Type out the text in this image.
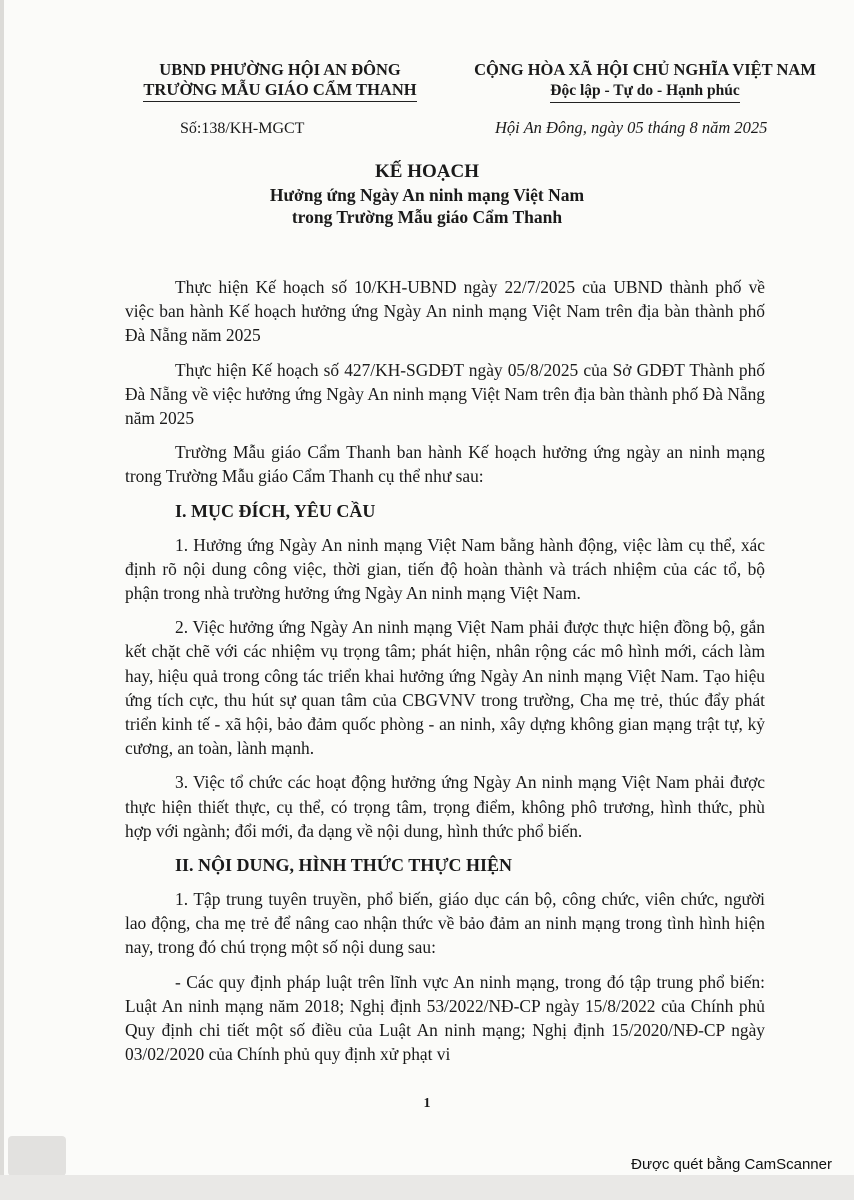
UBND PHƯỜNG HỘI AN ĐÔNG
TRƯỜNG MẪU GIÁO CẨM THANH
CỘNG HÒA XÃ HỘI CHỦ NGHĨA VIỆT NAM
Độc lập - Tự do - Hạnh phúc
Số:138/KH-MGCT	Hội An Đông, ngày 05 tháng 8 năm 2025
KẾ HOẠCH
Hưởng ứng Ngày An ninh mạng Việt Nam
trong Trường Mẫu giáo Cẩm Thanh

Thực hiện Kế hoạch số 10/KH-UBND ngày 22/7/2025 của UBND thành phố về việc ban hành Kế hoạch hưởng ứng Ngày An ninh mạng Việt Nam trên địa bàn thành phố Đà Nẵng năm 2025

Thực hiện Kế hoạch số 427/KH-SGDĐT ngày 05/8/2025 của Sở GDĐT Thành phố Đà Nẵng về việc hưởng ứng Ngày An ninh mạng Việt Nam trên địa bàn thành phố Đà Nẵng năm 2025

Trường Mẫu giáo Cẩm Thanh ban hành Kế hoạch hưởng ứng ngày an ninh mạng trong Trường Mẫu giáo Cẩm Thanh cụ thể như sau:

I. MỤC ĐÍCH, YÊU CẦU

1. Hưởng ứng Ngày An ninh mạng Việt Nam bằng hành động, việc làm cụ thể, xác định rõ nội dung công việc, thời gian, tiến độ hoàn thành và trách nhiệm của các tổ, bộ phận trong nhà trường hưởng ứng Ngày An ninh mạng Việt Nam.

2. Việc hưởng ứng Ngày An ninh mạng Việt Nam phải được thực hiện đồng bộ, gắn kết chặt chẽ với các nhiệm vụ trọng tâm; phát hiện, nhân rộng các mô hình mới, cách làm hay, hiệu quả trong công tác triển khai hưởng ứng Ngày An ninh mạng Việt Nam. Tạo hiệu ứng tích cực, thu hút sự quan tâm của CBGVNV trong trường, Cha mẹ trẻ, thúc đẩy phát triển kinh tế - xã hội, bảo đảm quốc phòng - an ninh, xây dựng không gian mạng trật tự, kỷ cương, an toàn, lành mạnh.

3. Việc tổ chức các hoạt động hưởng ứng Ngày An ninh mạng Việt Nam phải được thực hiện thiết thực, cụ thể, có trọng tâm, trọng điểm, không phô trương, hình thức, phù hợp với ngành; đổi mới, đa dạng về nội dung, hình thức phổ biến.

II. NỘI DUNG, HÌNH THỨC THỰC HIỆN

1. Tập trung tuyên truyền, phổ biến, giáo dục cán bộ, công chức, viên chức, người lao động, cha mẹ trẻ để nâng cao nhận thức về bảo đảm an ninh mạng trong tình hình hiện nay, trong đó chú trọng một số nội dung sau:

- Các quy định pháp luật trên lĩnh vực An ninh mạng, trong đó tập trung phổ biến: Luật An ninh mạng năm 2018; Nghị định 53/2022/NĐ-CP ngày 15/8/2022 của Chính phủ Quy định chi tiết một số điều của Luật An ninh mạng; Nghị định 15/2020/NĐ-CP ngày 03/02/2020 của Chính phủ quy định xử phạt vi

1
Được quét bằng CamScanner
